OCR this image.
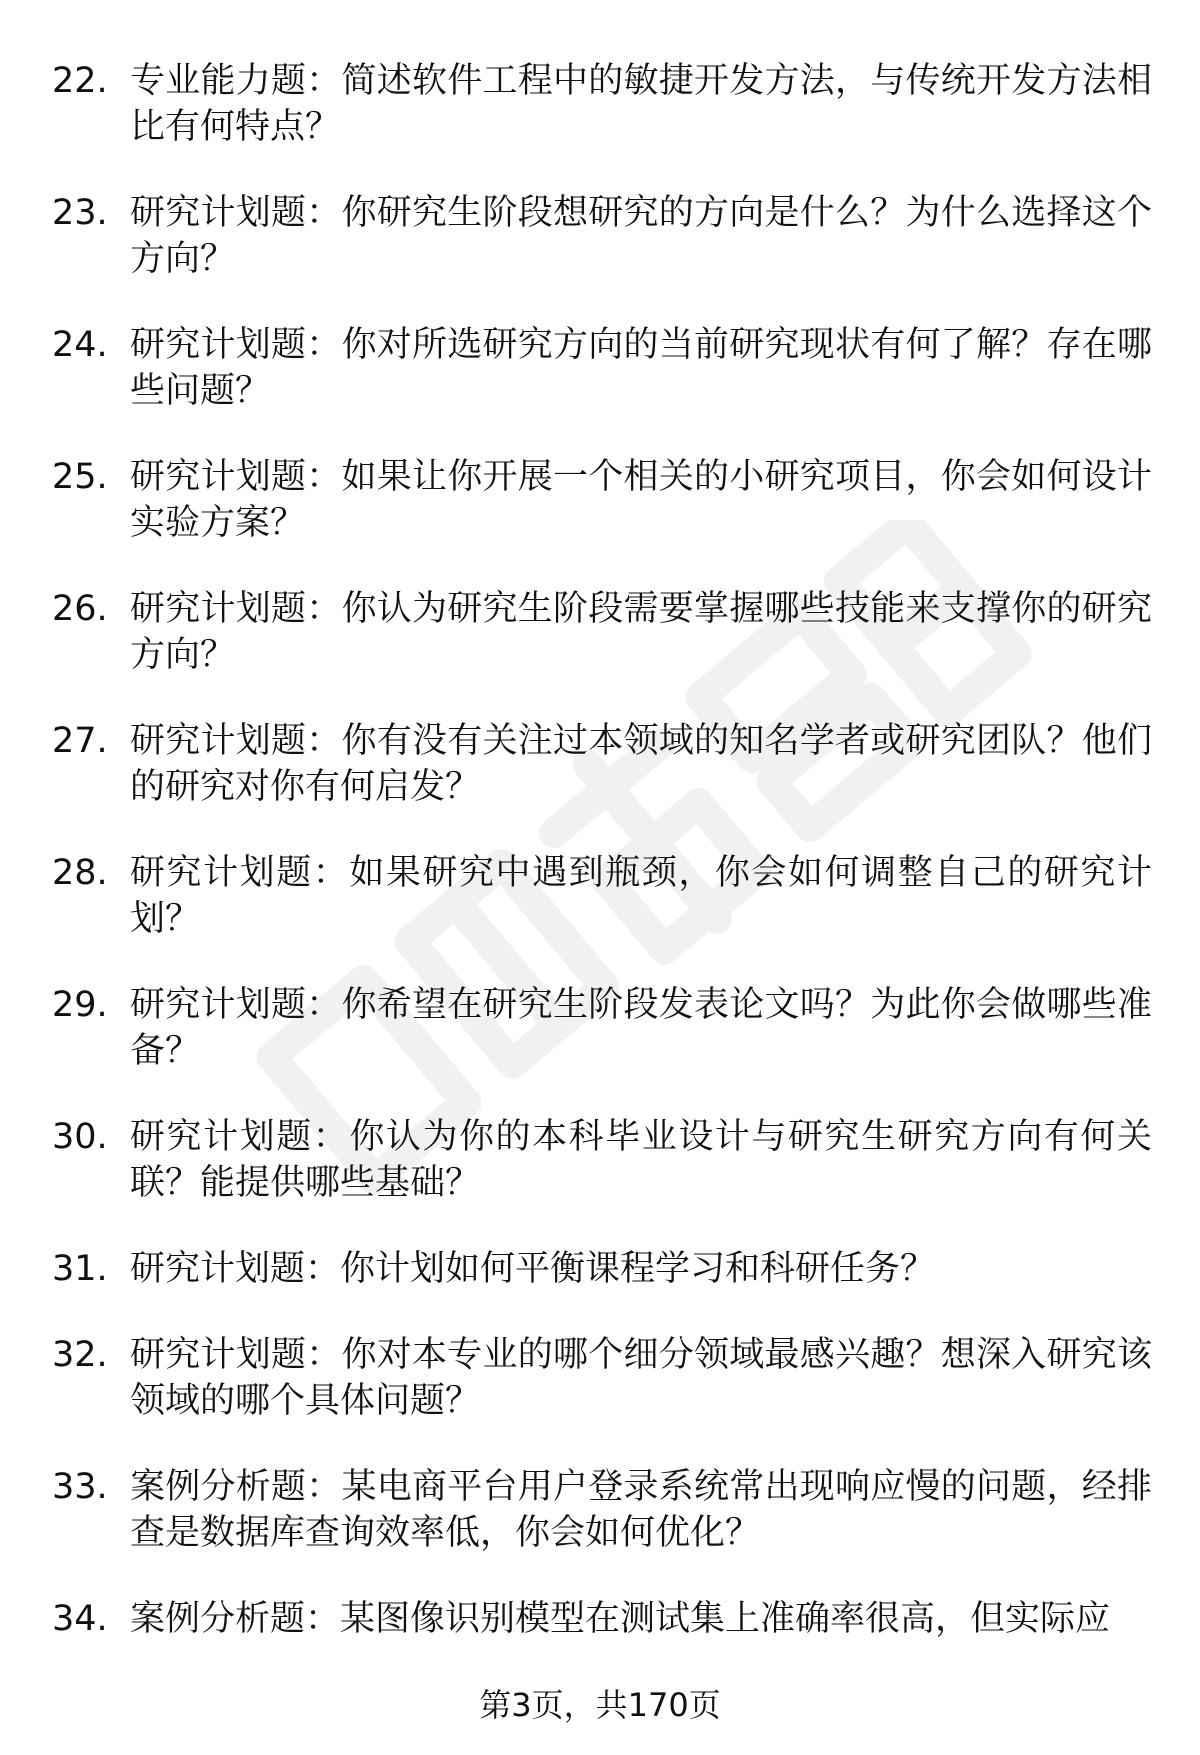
22. 专业能力题：简述软件工程中的敏捷开发方法，与传统开发方法相比有何特点？
23. 研究计划题：你研究生阶段想研究的方向是什么？为什么选择这个方向？
24. 研究计划题：你对所选研究方向的当前研究现状有何了解？存在哪些问题？
25. 研究计划题：如果让你开展一个相关的小研究项目，你会如何设计实验方案？
26. 研究计划题：你认为研究生阶段需要掌握哪些技能来支撑你的研究方向？
27. 研究计划题：你有没有关注过本领域的知名学者或研究团队？他们的研究对你有何启发？
28. 研究计划题：如果研究中遇到瓶颈，你会如何调整自己的研究计划？
29. 研究计划题：你希望在研究生阶段发表论文吗？为此你会做哪些准备？
30. 研究计划题：你认为你的本科毕业设计与研究生研究方向有何关联？能提供哪些基础？
31. 研究计划题：你计划如何平衡课程学习和科研任务？
32. 研究计划题：你对本专业的哪个细分领域最感兴趣？想深入研究该领域的哪个具体问题？
33. 案例分析题：某电商平台用户登录系统常出现响应慢的问题，经排查是数据库查询效率低，你会如何优化？
34. 案例分析题：某图像识别模型在测试集上准确率很高，但实际应
第3页，共170页
